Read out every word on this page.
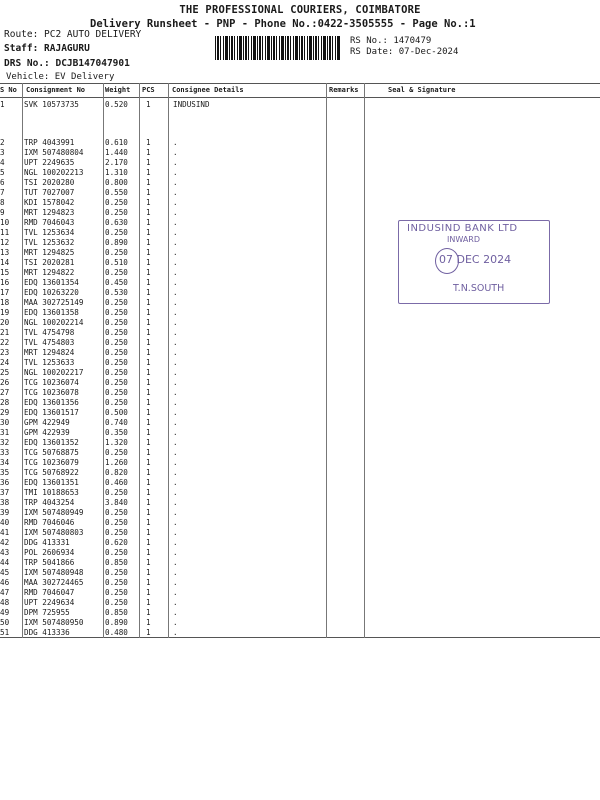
THE PROFESSIONAL COURIERS, COIMBATORE
Delivery Runsheet - PNP - Phone No.:0422-3505555 - Page No.:1
Route: PC2 AUTO DELIVERY
Staff: RAJAGURU
DRS No.: DCJB147047901
Vehicle: EV Delivery
RS No.: 1470479
RS Date: 07-Dec-2024
S No Consignment No	Weight PCS Consignee Details	Remarks	Seal & Signature
1	SVK 10573735	0.520 1	INDUSIND
2	TRP 4043991	0.610 1	.
3	IXM 507480804	1.440 1	.
4	UPT 2249635	2.170 1	.
5	NGL 100202213	1.310 1	.
6	TSI 2020280	0.800 1	.
7	TUT 7027007	0.550 1	.
8	KDI 1578042	0.250 1	.
9	MRT 1294823	0.250 1	.
10 RMD 7046043	0.630 1	.
11 TVL 1253634	0.250 1	.
12 TVL 1253632	0.890 1	.
13 MRT 1294825	0.250 1	.
14 TSI 2020281	0.510 1	.
15 MRT 1294822	0.250 1	.
16 EDQ 13601354	0.450 1	.
17 EDQ 10263220	0.530 1	.
18 MAA 302725149	0.250 1	.
19 EDQ 13601358	0.250 1	.
20 NGL 100202214	0.250 1	.
21 TVL 4754798	0.250 1	.
22 TVL 4754803	0.250 1	.
23 MRT 1294824	0.250 1	.
24 TVL 1253633	0.250 1	.
25 NGL 100202217	0.250 1	.
26 TCG 10236074	0.250 1	.
27 TCG 10236078	0.250 1	.
28 EDQ 13601356	0.250 1	.
29 EDQ 13601517	0.500 1	.
30 GPM 422949	0.740 1	.
31 GPM 422939	0.350 1	.
32 EDQ 13601352	1.320 1	.
33 TCG 50768875	0.250 1	.
34 TCG 10236079	1.260 1	.
35 TCG 50768922	0.820 1	.
36 EDQ 13601351	0.460 1	.
37 TMI 10188653	0.250 1	.
38 TRP 4043254	3.840 1	.
39 IXM 507480949	0.250 1	.
40 RMD 7046046	0.250 1	.
41 IXM 507480803	0.250 1	.
42 DDG 413331	0.620 1	.
43 POL 2606934	0.250 1	.
44 TRP 5041866	0.850 1	.
45 IXM 507480948	0.250 1	.
46 MAA 302724465	0.250 1	.
47 RMD 7046047	0.250 1	.
48 UPT 2249634	0.250 1	.
49 DPM 725955	0.850 1	.
50 IXM 507480950	0.890 1	.
51 DDG 413336	0.480 1	.
INDUSIND BANK LTD
INWARD
07 DEC 2024
T.N.SOUTH
